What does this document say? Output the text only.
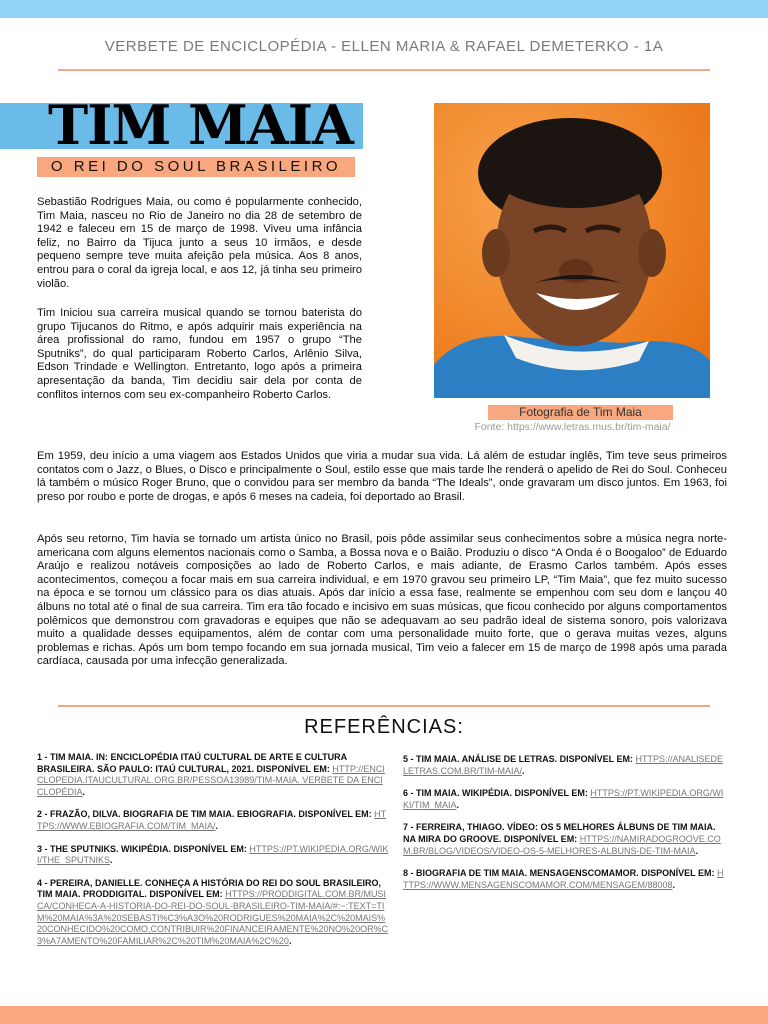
VERBETE DE ENCICLOPÉDIA - ELLEN MARIA & RAFAEL DEMETERKO - 1A
TIM MAIA
O REI DO SOUL BRASILEIRO

Sebastião Rodrigues Maia, ou como é popularmente conhecido, Tim Maia, nasceu no Rio de Janeiro no dia 28 de setembro de 1942 e faleceu em 15 de março de 1998. Viveu uma infância feliz, no Bairro da Tijuca junto a seus 10 irmãos, e desde pequeno sempre teve muita afeição pela música. Aos 8 anos, entrou para o coral da igreja local, e aos 12, já tinha seu primeiro violão.

Tim Iniciou sua carreira musical quando se tornou baterista do grupo Tijucanos do Ritmo, e após adquirir mais experiência na área profissional do ramo, fundou em 1957 o grupo “The Sputniks”, do qual participaram Roberto Carlos, Arlênio Silva, Edson Trindade e Wellington. Entretanto, logo após a primeira apresentação da banda, Tim decidiu sair dela por conta de conflitos internos com seu ex-companheiro Roberto Carlos.

Fotografia de Tim Maia
Fonte: https://www.letras.mus.br/tim-maia/

Em 1959, deu início a uma viagem aos Estados Unidos que viria a mudar sua vida. Lá além de estudar inglês, Tim teve seus primeiros contatos com o Jazz, o Blues, o Disco e principalmente o Soul, estilo esse que mais tarde lhe renderá o apelido de Rei do Soul. Conheceu lá também o músico Roger Bruno, que o convidou para ser membro da banda “The Ideals”, onde gravaram um disco juntos. Em 1963, foi preso por roubo e porte de drogas, e após 6 meses na cadeia, foi deportado ao Brasil.

Após seu retorno, Tim havia se tornado um artista único no Brasil, pois pôde assimilar seus conhecimentos sobre a música negra norte-americana com alguns elementos nacionais como o Samba, a Bossa nova e o Baião. Produziu o disco “A Onda é o Boogaloo” de Eduardo Araújo e realizou notáveis composições ao lado de Roberto Carlos, e mais adiante, de Erasmo Carlos também. Após esses acontecimentos, começou a focar mais em sua carreira individual, e em 1970 gravou seu primeiro LP, “Tim Maia”, que fez muito sucesso na época e se tornou um clássico para os dias atuais. Após dar início a essa fase, realmente se empenhou com seu dom e lançou 40 álbuns no total até o final de sua carreira. Tim era tão focado e incisivo em suas músicas, que ficou conhecido por alguns comportamentos polêmicos que demonstrou com gravadoras e equipes que não se adequavam ao seu padrão ideal de sistema sonoro, pois valorizava muito a qualidade desses equipamentos, além de contar com uma personalidade muito forte, que o gerava muitas vezes, alguns problemas e richas. Após um bom tempo focando em sua jornada musical, Tim veio a falecer em 15 de março de 1998 após uma parada cardíaca, causada por uma infecção generalizada.

REFERÊNCIAS:

1 - TIM MAIA. IN: ENCICLOPÉDIA ITAÚ CULTURAL DE ARTE E CULTURA BRASILEIRA. SÃO PAULO: ITAÚ CULTURAL, 2021. DISPONÍVEL EM: HTTP://ENCICLOPEDIA.ITAUCULTURAL.ORG.BR/PESSOA13989/TIM-MAIA. VERBETE DA ENCICLOPÉDIA.

2 - FRAZÃO, DILVA. BIOGRAFIA DE TIM MAIA. EBIOGRAFIA. DISPONÍVEL EM: HTTPS://WWW.EBIOGRAFIA.COM/TIM_MAIA/.

3 - THE SPUTNIKS. WIKIPÉDIA. DISPONÍVEL EM: HTTPS://PT.WIKIPEDIA.ORG/WIKI/THE_SPUTNIKS.

4 - PEREIRA, DANIELLE. CONHEÇA A HISTÓRIA DO REI DO SOUL BRASILEIRO, TIM MAIA. PRODDIGITAL. DISPONÍVEL EM: HTTPS://PRODDIGITAL.COM.BR/MUSICA/CONHECA-A-HISTORIA-DO-REI-DO-SOUL-BRASILEIRO-TIM-MAIA/#:~:TEXT=TIM%20MAIA%3A%20SEBASTI%C3%A3O%20RODRIGUES%20MAIA%2C%20MAIS%20CONHECIDO%20COMO,CONTRIBUIR%20FINANCEIRAMENTE%20NO%20OR%C3%A7AMENTO%20FAMILIAR%2C%20TIM%20MAIA%2C%20.

5 - TIM MAIA. ANÁLISE DE LETRAS. DISPONÍVEL EM: HTTPS://ANALISEDELETRAS.COM.BR/TIM-MAIA/.

6 - TIM MAIA. WIKIPÉDIA. DISPONÍVEL EM: HTTPS://PT.WIKIPEDIA.ORG/WIKI/TIM_MAIA.

7 - FERREIRA, THIAGO. VÍDEO: OS 5 MELHORES ÁLBUNS DE TIM MAIA. NA MIRA DO GROOVE. DISPONÍVEL EM: HTTPS://NAMIRADOGROOVE.COM.BR/BLOG/VIDEOS/VIDEO-OS-5-MELHORES-ALBUNS-DE-TIM-MAIA.

8 - BIOGRAFIA DE TIM MAIA. MENSAGENSCOMAMOR. DISPONÍVEL EM: HTTPS://WWW.MENSAGENSCOMAMOR.COM/MENSAGEM/88008.
